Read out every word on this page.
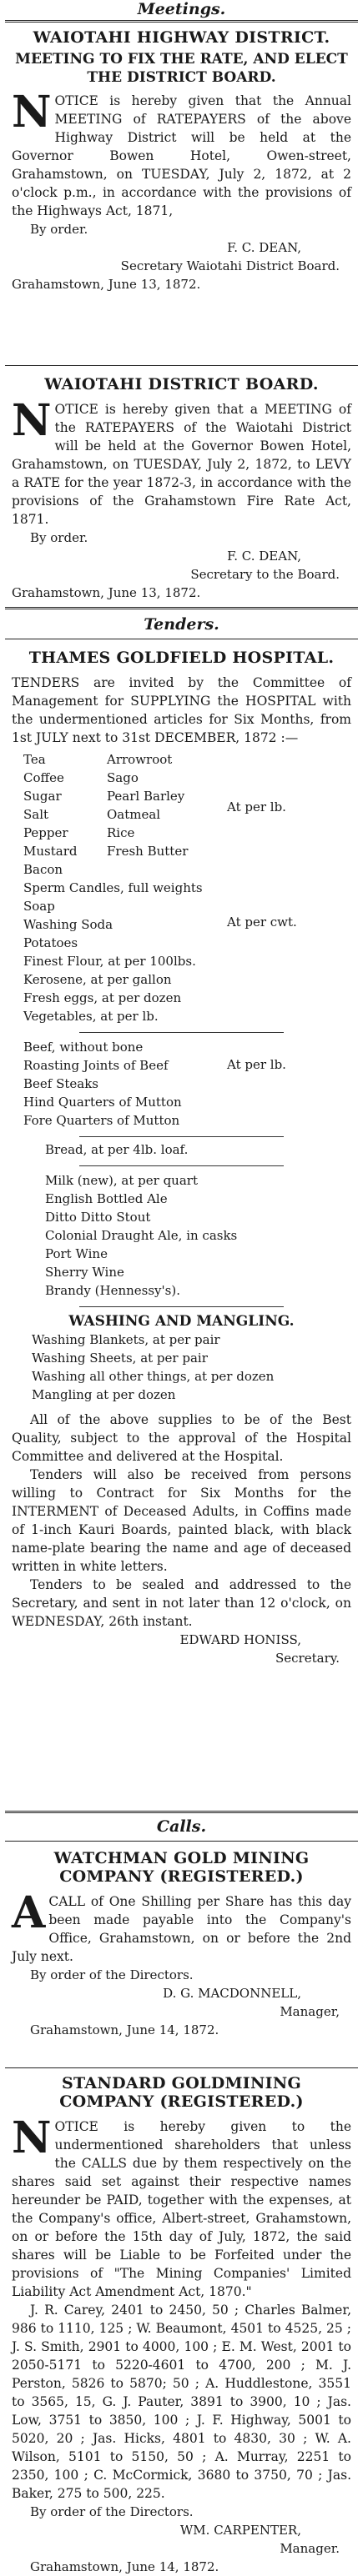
Meetings.

WAIOTAHI HIGHWAY DISTRICT.
MEETING TO FIX THE RATE, AND ELECT THE DISTRICT BOARD.

NOTICE is hereby given that the Annual MEETING of RATEPAYERS of the above Highway District will be held at the Governor Bowen Hotel, Owen-street, Grahamstown, on TUESDAY, July 2, 1872, at 2 o'clock p.m., in accordance with the provisions of the Highways Act, 1871,

By order.
F. C. DEAN,
Secretary Waiotahi District Board.
Grahamstown, June 13, 1872.
WAIOTAHI DISTRICT BOARD.

NOTICE is hereby given that a MEETING of the RATEPAYERS of the Waiotahi District will be held at the Governor Bowen Hotel, Grahamstown, on TUESDAY, July 2, 1872, to LEVY a RATE for the year 1872-3, in accordance with the provisions of the Grahamstown Fire Rate Act, 1871.

By order.
F. C. DEAN,
Secretary to the Board.
Grahamstown, June 13, 1872.

Tenders.

THAMES GOLDFIELD HOSPITAL.

TENDERS are invited by the Committee of Management for SUPPLYING the HOSPITAL with the undermentioned articles for Six Months, from 1st JULY next to 31st DECEMBER, 1872 :—

Tea	Arrowroot
Coffee	Sago
Sugar	Pearl Barley
Salt	Oatmeal
Pepper	Rice
Mustard	Fresh Butter
Bacon
At per lb.
Sperm Candles, full weights
Soap
Washing Soda
Potatoes
At per cwt.
Finest Flour, at per 100lbs.
Kerosene, at per gallon
Fresh eggs, at per dozen
Vegetables, at per lb.
Beef, without bone
Roasting Joints of Beef
Beef Steaks
Hind Quarters of Mutton
Fore Quarters of Mutton
At per lb.
Bread, at per 4lb. loaf.
Milk (new), at per quart
English Bottled Ale
Ditto Ditto Stout
Colonial Draught Ale, in casks
Port Wine
Sherry Wine
Brandy (Hennessy's).
WASHING AND MANGLING.
Washing Blankets, at per pair
Washing Sheets, at per pair
Washing all other things, at per dozen
Mangling at per dozen

All of the above supplies to be of the Best Quality, subject to the approval of the Hospital Committee and delivered at the Hospital.

Tenders will also be received from persons willing to Contract for Six Months for the INTERMENT of Deceased Adults, in Coffins made of 1-inch Kauri Boards, painted black, with black name-plate bearing the name and age of deceased written in white letters.

Tenders to be sealed and addressed to the Secretary, and sent in not later than 12 o'clock, on WEDNESDAY, 26th instant.

EDWARD HONISS,
Secretary.

Calls.

WATCHMAN GOLD MINING COMPANY (REGISTERED.)

ACALL of One Shilling per Share has this day been made payable into the Company's Office, Grahamstown, on or before the 2nd July next.

By order of the Directors.
D. G. MACDONNELL,
Manager,
Grahamstown, June 14, 1872.
STANDARD GOLDMINING COMPANY (REGISTERED.)

NOTICE is hereby given to the undermentioned shareholders that unless the CALLS due by them respectively on the shares said set against their respective names hereunder be PAID, together with the expenses, at the Company's office, Albert-street, Grahamstown, on or before the 15th day of July, 1872, the said shares will be Liable to be Forfeited under the provisions of "The Mining Companies' Limited Liability Act Amendment Act, 1870."

J. R. Carey, 2401 to 2450, 50 ; Charles Balmer, 986 to 1110, 125 ; W. Beaumont, 4501 to 4525, 25 ; J. S. Smith, 2901 to 4000, 100 ; E. M. West, 2001 to 2050-5171 to 5220-4601 to 4700, 200 ; M. J. Perston, 5826 to 5870; 50 ; A. Huddlestone, 3551 to 3565, 15, G. J. Pauter, 3891 to 3900, 10 ; Jas. Low, 3751 to 3850, 100 ; J. F. Highway, 5001 to 5020, 20 ; Jas. Hicks, 4801 to 4830, 30 ; W. A. Wilson, 5101 to 5150, 50 ; A. Murray, 2251 to 2350, 100 ; C. McCormick, 3680 to 3750, 70 ; Jas. Baker, 275 to 500, 225.

By order of the Directors.
WM. CARPENTER,
Manager.
Grahamstown, June 14, 1872.
